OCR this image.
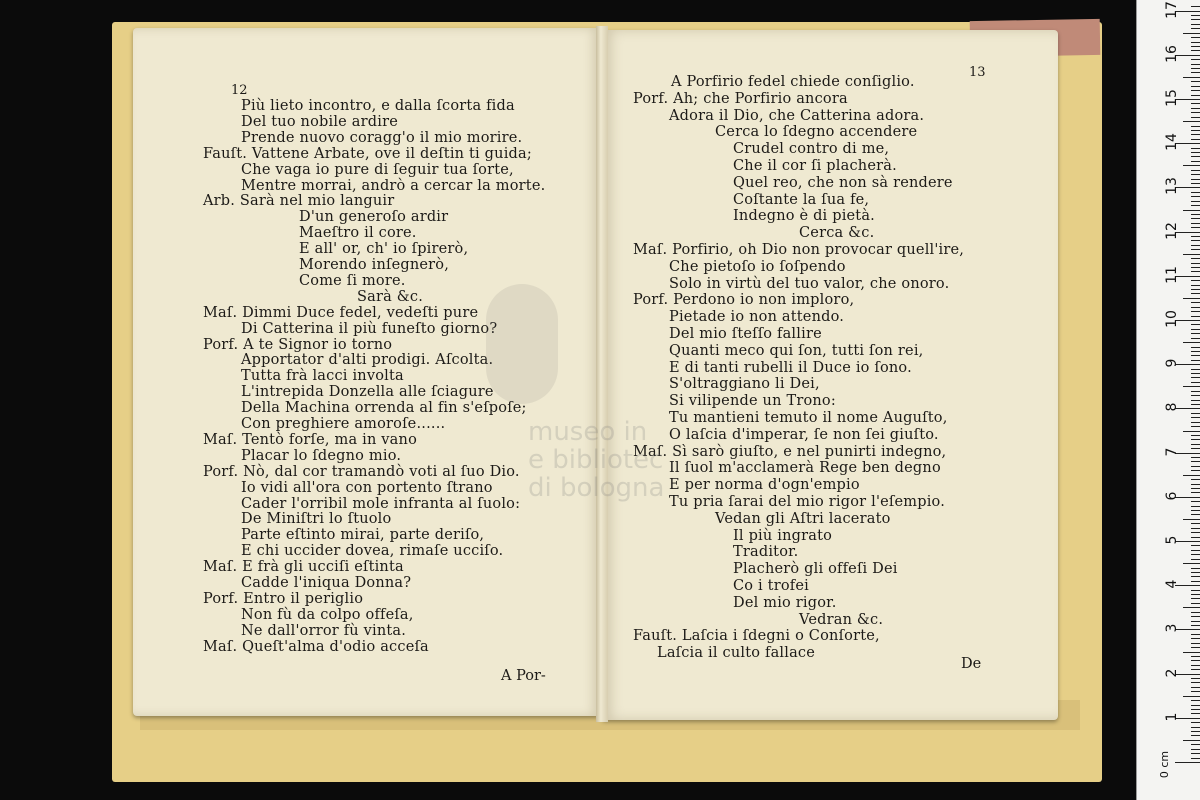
12
A Por-
Più lieto incontro, e dalla ſcorta fida
Del tuo nobile ardire
Prende nuovo coragg'o il mio morire.
Fauſt. Vattene Arbate, ove il deſtin ti guida;
Che vaga io pure di ſeguir tua ſorte,
Mentre morrai, andrò a cercar la morte.
Arb. Sarà nel mio languir
D'un generoſo ardir
Maeſtro il core.
E all' or, ch' io ſpirerò,
Morendo inſegnerò,
Come ſi more.
Sarà &c.
Maſ. Dimmi Duce fedel, vedeſti pure
Di Catterina il più funeſto giorno?
Porf. A te Signor io torno
Apportator d'alti prodigi. Aſcolta.
Tutta frà lacci involta
L'intrepida Donzella alle ſciagure
Della Machina orrenda al fin s'eſpoſe;
Con preghiere amoroſe......
Maſ. Tentò forſe, ma in vano
Placar lo ſdegno mio.
Porf. Nò, dal cor tramandò voti al ſuo Dio.
Io vidi all'ora con portento ſtrano
Cader l'orribil mole infranta al ſuolo:
De Miniſtri lo ſtuolo
Parte eſtinto mirai, parte deriſo,
E chi uccider dovea, rimaſe ucciſo.
Maſ. E frà gli ucciſi eſtinta
Cadde l'iniqua Donna?
Porf. Entro il periglio
Non fù da colpo offeſa,
Ne dall'orror fù vinta.
Maſ. Queſt'alma d'odio acceſa
13
De
A Porfirio fedel chiede conſiglio.
Porf. Ah; che Porfirio ancora
Adora il Dio, che Catterina adora.
Cerca lo ſdegno accendere
Crudel contro di me,
Che il cor ſi placherà.
Quel reo, che non sà rendere
Coſtante la ſua fe,
Indegno è di pietà.
Cerca &c.
Maſ. Porfirio, oh Dio non provocar quell'ire,
Che pietoſo io ſoſpendo
Solo in virtù del tuo valor, che onoro.
Porf. Perdono io non imploro,
Pietade io non attendo.
Del mio ſteſſo fallire
Quanti meco qui ſon, tutti ſon rei,
E di tanti rubelli il Duce io ſono.
S'oltraggiano li Dei,
Si vilipende un Trono:
Tu mantieni temuto il nome Auguſto,
O laſcia d'imperar, ſe non ſei giuſto.
Maſ. Sì sarò giuſto, e nel punirti indegno,
Il ſuol m'acclamerà Rege ben degno
E per norma d'ogn'empio
Tu pria ſarai del mio rigor l'eſempio.
Vedan gli Aſtri lacerato
Il più ingrato
Traditor.
Placherò gli offeſi Dei
Co i trofei
Del mio rigor.
Vedran &c.
Fauſt. Laſcia i ſdegni o Conſorte,
Laſcia il culto fallace
museo in
e bibliotec
di bologna
0 cm
1
2
3
4
5
6
7
8
9
10
11
12
13
14
15
16
17
